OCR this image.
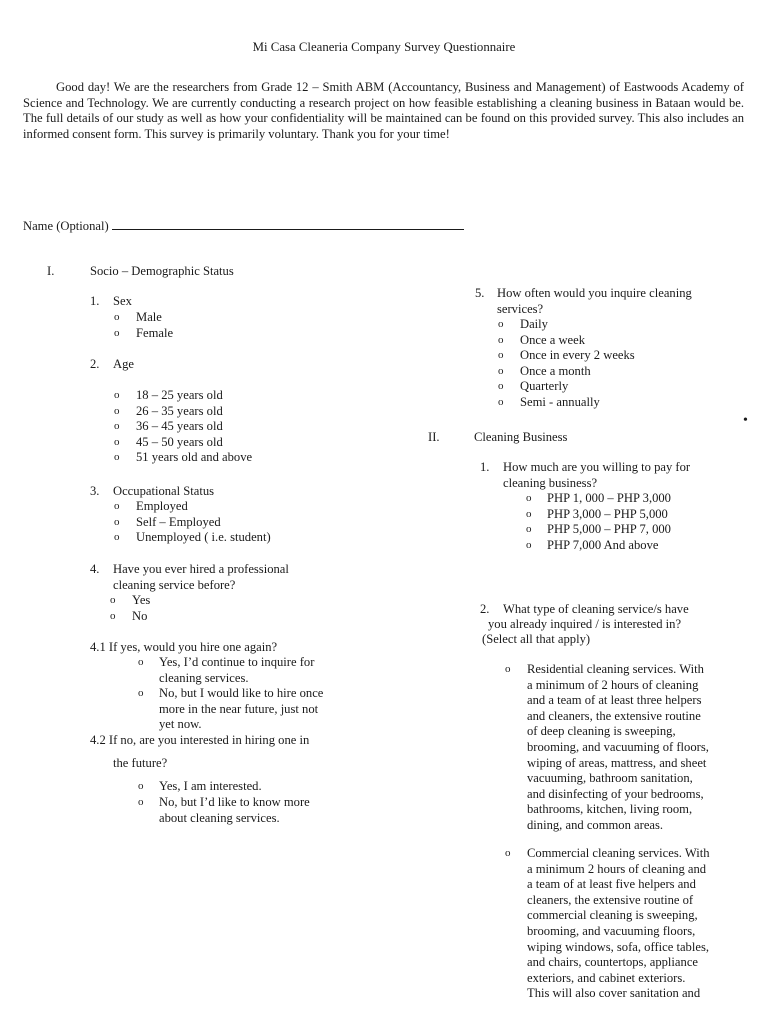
Mi Casa Cleaneria Company Survey Questionnaire
Good day! We are the researchers from Grade 12 – Smith ABM (Accountancy, Business and Management) of Eastwoods Academy of Science and Technology. We are currently conducting a research project on how feasible establishing a cleaning business in Bataan would be. The full details of our study as well as how your confidentiality will be maintained can be found on this provided survey. This also includes an informed consent form. This survey is primarily voluntary. Thank you for your time!
Name (Optional)
I.	Socio – Demographic Status
1. Sex
o Male
o Female
2. Age
o 18 – 25 years old
o 26 – 35 years old
o 36 – 45 years old
o 45 – 50 years old
o 51 years old and above
3. Occupational Status
o Employed
o Self – Employed
o Unemployed ( i.e. student)
4. Have you ever hired a professional
cleaning service before?
o Yes
o No
4.1 If yes, would you hire one again?
o Yes, I’d continue to inquire for
cleaning services.
o No, but I would like to hire once
more in the near future, just not
yet now.
4.2 If no, are you interested in hiring one in
the future?
o Yes, I am interested.
o No, but I’d like to know more
about cleaning services.
5. How often would you inquire cleaning
services?
o Daily
o Once a week
o Once in every 2 weeks
o Once a month
o Quarterly
o Semi - annually
•
II.	Cleaning Business
1. How much are you willing to pay for
cleaning business?
o PHP 1, 000 – PHP 3,000
o PHP 3,000 – PHP 5,000
o PHP 5,000 – PHP 7, 000
o PHP 7,000 And above
2. What type of cleaning service/s have
you already inquired / is interested in?
(Select all that apply)
o Residential cleaning services. With
a minimum of 2 hours of cleaning
and a team of at least three helpers
and cleaners, the extensive routine
of deep cleaning is sweeping,
brooming, and vacuuming of floors,
wiping of areas, mattress, and sheet
vacuuming, bathroom sanitation,
and disinfecting of your bedrooms,
bathrooms, kitchen, living room,
dining, and common areas.
o Commercial cleaning services. With
a minimum 2 hours of cleaning and
a team of at least five helpers and
cleaners, the extensive routine of
commercial cleaning is sweeping,
brooming, and vacuuming floors,
wiping windows, sofa, office tables,
and chairs, countertops, appliance
exteriors, and cabinet exteriors.
This will also cover sanitation and
